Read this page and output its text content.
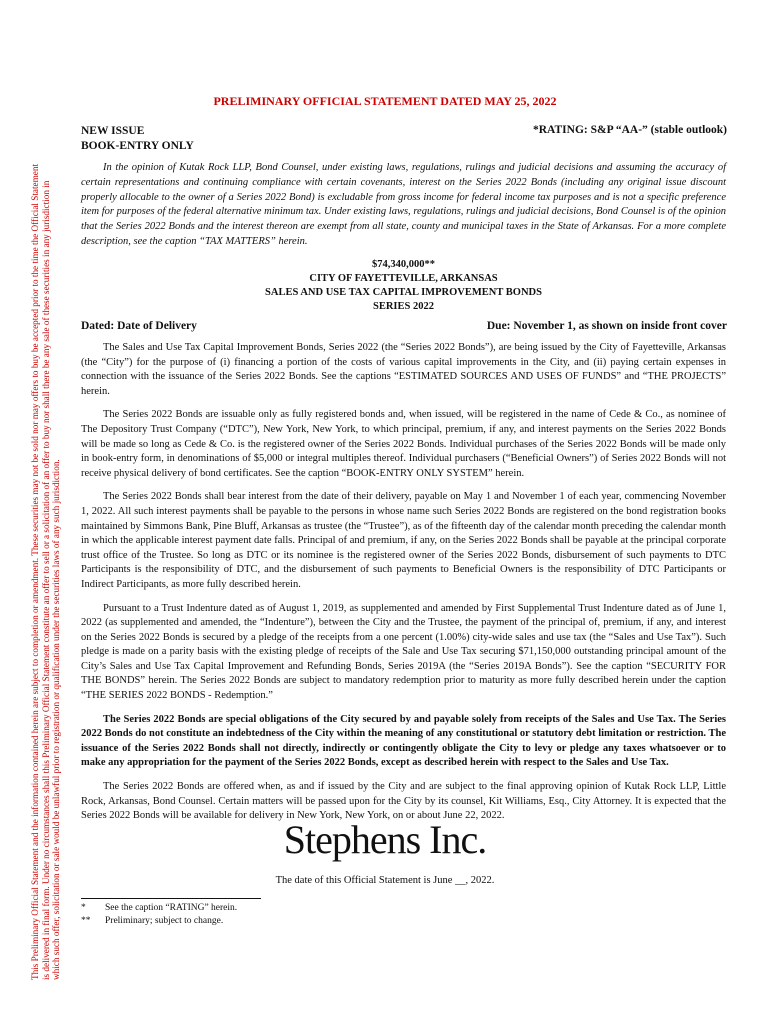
This Preliminary Official Statement and the information contained herein are subject to completion or amendment. These securities may not be sold nor may offers to buy be accepted prior to the time the Official Statement is delivered in final form. Under no circumstances shall this Preliminary Official Statement constitute an offer to sell or a solicitation of an offer to buy nor shall there be any sale of these securities in any jurisdiction in which such offer, solicitation or sale would be unlawful prior to registration or qualification under the securities laws of any such jurisdiction.
PRELIMINARY OFFICIAL STATEMENT DATED MAY 25, 2022
NEW ISSUE
BOOK-ENTRY ONLY
*RATING: S&P “AA-” (stable outlook)
In the opinion of Kutak Rock LLP, Bond Counsel, under existing laws, regulations, rulings and judicial decisions and assuming the accuracy of certain representations and continuing compliance with certain covenants, interest on the Series 2022 Bonds (including any original issue discount properly allocable to the owner of a Series 2022 Bond) is excludable from gross income for federal income tax purposes and is not a specific preference item for purposes of the federal alternative minimum tax. Under existing laws, regulations, rulings and judicial decisions, Bond Counsel is of the opinion that the Series 2022 Bonds and the interest thereon are exempt from all state, county and municipal taxes in the State of Arkansas. For a more complete description, see the caption “TAX MATTERS” herein.
$74,340,000**
CITY OF FAYETTEVILLE, ARKANSAS
SALES AND USE TAX CAPITAL IMPROVEMENT BONDS
SERIES 2022
Dated: Date of Delivery	Due: November 1, as shown on inside front cover

The Sales and Use Tax Capital Improvement Bonds, Series 2022 (the “Series 2022 Bonds”), are being issued by the City of Fayetteville, Arkansas (the “City”) for the purpose of (i) financing a portion of the costs of various capital improvements in the City, and (ii) paying certain expenses in connection with the issuance of the Series 2022 Bonds. See the captions “ESTIMATED SOURCES AND USES OF FUNDS” and “THE PROJECTS” herein.

The Series 2022 Bonds are issuable only as fully registered bonds and, when issued, will be registered in the name of Cede & Co., as nominee of The Depository Trust Company (“DTC”), New York, New York, to which principal, premium, if any, and interest payments on the Series 2022 Bonds will be made so long as Cede & Co. is the registered owner of the Series 2022 Bonds. Individual purchases of the Series 2022 Bonds will be made only in book-entry form, in denominations of $5,000 or integral multiples thereof. Individual purchasers (“Beneficial Owners”) of Series 2022 Bonds will not receive physical delivery of bond certificates. See the caption “BOOK-ENTRY ONLY SYSTEM” herein.

The Series 2022 Bonds shall bear interest from the date of their delivery, payable on May 1 and November 1 of each year, commencing November 1, 2022. All such interest payments shall be payable to the persons in whose name such Series 2022 Bonds are registered on the bond registration books maintained by Simmons Bank, Pine Bluff, Arkansas as trustee (the “Trustee”), as of the fifteenth day of the calendar month preceding the calendar month in which the applicable interest payment date falls. Principal of and premium, if any, on the Series 2022 Bonds shall be payable at the principal corporate trust office of the Trustee. So long as DTC or its nominee is the registered owner of the Series 2022 Bonds, disbursement of such payments to DTC Participants is the responsibility of DTC, and the disbursement of such payments to Beneficial Owners is the responsibility of DTC Participants or Indirect Participants, as more fully described herein.

Pursuant to a Trust Indenture dated as of August 1, 2019, as supplemented and amended by First Supplemental Trust Indenture dated as of June 1, 2022 (as supplemented and amended, the “Indenture”), between the City and the Trustee, the payment of the principal of, premium, if any, and interest on the Series 2022 Bonds is secured by a pledge of the receipts from a one percent (1.00%) city-wide sales and use tax (the “Sales and Use Tax”). Such pledge is made on a parity basis with the existing pledge of receipts of the Sale and Use Tax securing $71,150,000 outstanding principal amount of the City’s Sales and Use Tax Capital Improvement and Refunding Bonds, Series 2019A (the “Series 2019A Bonds”). See the caption “SECURITY FOR THE BONDS” herein. The Series 2022 Bonds are subject to mandatory redemption prior to maturity as more fully described herein under the caption “THE SERIES 2022 BONDS - Redemption.”

The Series 2022 Bonds are special obligations of the City secured by and payable solely from receipts of the Sales and Use Tax. The Series 2022 Bonds do not constitute an indebtedness of the City within the meaning of any constitutional or statutory debt limitation or restriction. The issuance of the Series 2022 Bonds shall not directly, indirectly or contingently obligate the City to levy or pledge any taxes whatsoever or to make any appropriation for the payment of the Series 2022 Bonds, except as described herein with respect to the Sales and Use Tax.

The Series 2022 Bonds are offered when, as and if issued by the City and are subject to the final approving opinion of Kutak Rock LLP, Little Rock, Arkansas, Bond Counsel. Certain matters will be passed upon for the City by its counsel, Kit Williams, Esq., City Attorney. It is expected that the Series 2022 Bonds will be available for delivery in New York, New York, on or about June 22, 2022.

Stephens Inc.
The date of this Official Statement is June __, 2022.
*	See the caption “RATING” herein.
**	Preliminary; subject to change.
